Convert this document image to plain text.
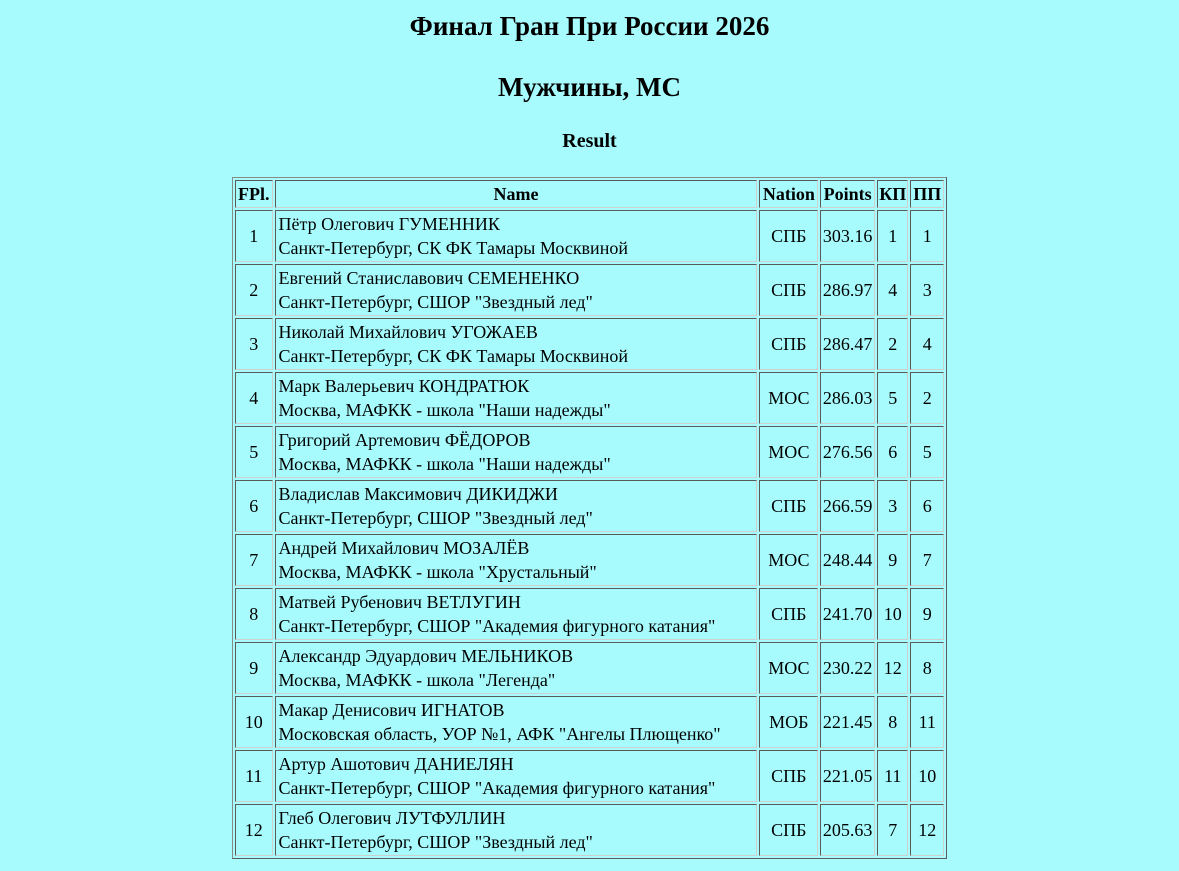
Финал Гран При России 2026
Мужчины, МС
Result
FPl.	Name	Nation	Points	КП	ПП
1	Пётр Олегович ГУМЕННИК
Санкт-Петербург, СК ФК Тамары Москвиной	СПБ	303.16	1	1
2	Евгений Станиславович СЕМЕНЕНКО
Санкт-Петербург, СШОР "Звездный лед"	СПБ	286.97	4	3
3	Николай Михайлович УГОЖАЕВ
Санкт-Петербург, СК ФК Тамары Москвиной	СПБ	286.47	2	4
4	Марк Валерьевич КОНДРАТЮК
Москва, МАФКК - школа "Наши надежды"	МОС	286.03	5	2
5	Григорий Артемович ФЁДОРОВ
Москва, МАФКК - школа "Наши надежды"	МОС	276.56	6	5
6	Владислав Максимович ДИКИДЖИ
Санкт-Петербург, СШОР "Звездный лед"	СПБ	266.59	3	6
7	Андрей Михайлович МОЗАЛЁВ
Москва, МАФКК - школа "Хрустальный"	МОС	248.44	9	7
8	Матвей Рубенович ВЕТЛУГИН
Санкт-Петербург, СШОР "Академия фигурного катания"	СПБ	241.70	10	9
9	Александр Эдуардович МЕЛЬНИКОВ
Москва, МАФКК - школа "Легенда"	МОС	230.22	12	8
10	Макар Денисович ИГНАТОВ
Московская область, УОР №1, АФК "Ангелы Плющенко"	МОБ	221.45	8	11
11	Артур Ашотович ДАНИЕЛЯН
Санкт-Петербург, СШОР "Академия фигурного катания"	СПБ	221.05	11	10
12	Глеб Олегович ЛУТФУЛЛИН
Санкт-Петербург, СШОР "Звездный лед"	СПБ	205.63	7	12
